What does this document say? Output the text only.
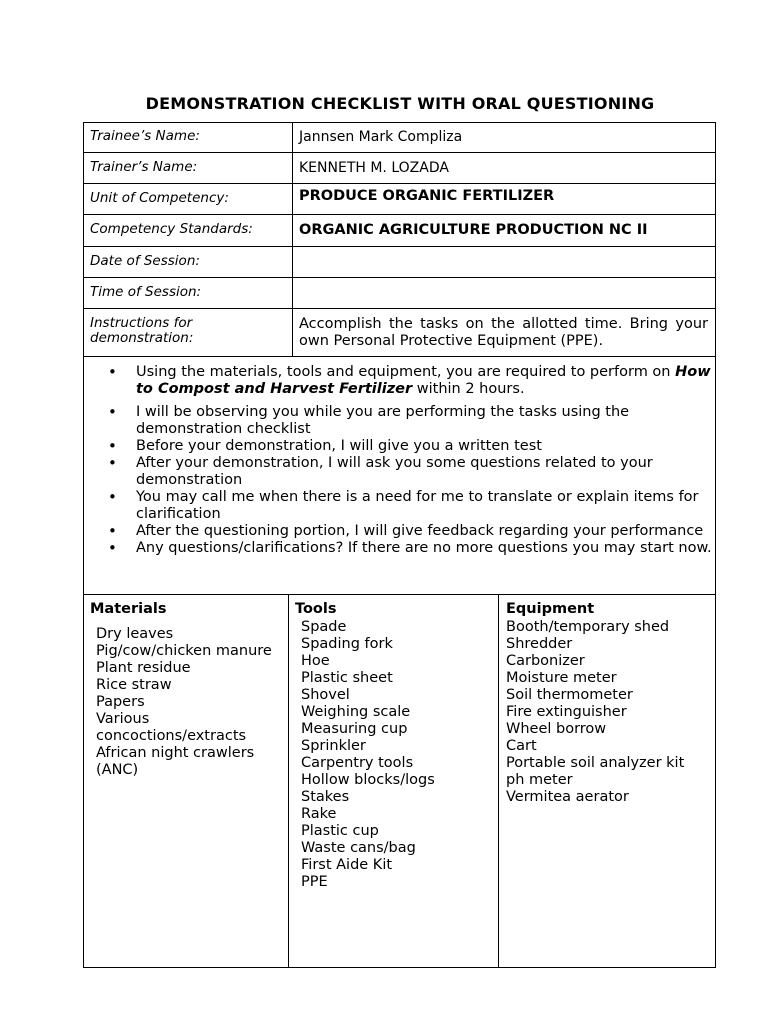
DEMONSTRATION CHECKLIST WITH ORAL QUESTIONING
Trainee’s Name:	Jannsen Mark Compliza
Trainer’s Name:	KENNETH M. LOZADA
Unit of Competency:	PRODUCE ORGANIC FERTILIZER
Competency Standards:	ORGANIC AGRICULTURE PRODUCTION NC II
Date of Session:
Time of Session:
Instructions for demonstration:
Accomplish the tasks on the allotted time. Bring your own Personal Protective Equipment (PPE).
• Using the materials, tools and equipment, you are required to perform on How to Compost and Harvest Fertilizer within 2 hours.
• I will be observing you while you are performing the tasks using the demonstration checklist
• Before your demonstration, I will give you a written test
• After your demonstration, I will ask you some questions related to your demonstration
• You may call me when there is a need for me to translate or explain items for clarification
• After the questioning portion, I will give feedback regarding your performance
• Any questions/clarifications? If there are no more questions you may start now.
Materials
Dry leaves
Pig/cow/chicken manure
Plant residue
Rice straw
Papers
Various concoctions/extracts
African night crawlers (ANC)
Tools
Spade
Spading fork
Hoe
Plastic sheet
Shovel
Weighing scale
Measuring cup
Sprinkler
Carpentry tools
Hollow blocks/logs
Stakes
Rake
Plastic cup
Waste cans/bag
First Aide Kit
PPE
Equipment
Booth/temporary shed
Shredder
Carbonizer
Moisture meter
Soil thermometer
Fire extinguisher
Wheel borrow
Cart
Portable soil analyzer kit
ph meter
Vermitea aerator
